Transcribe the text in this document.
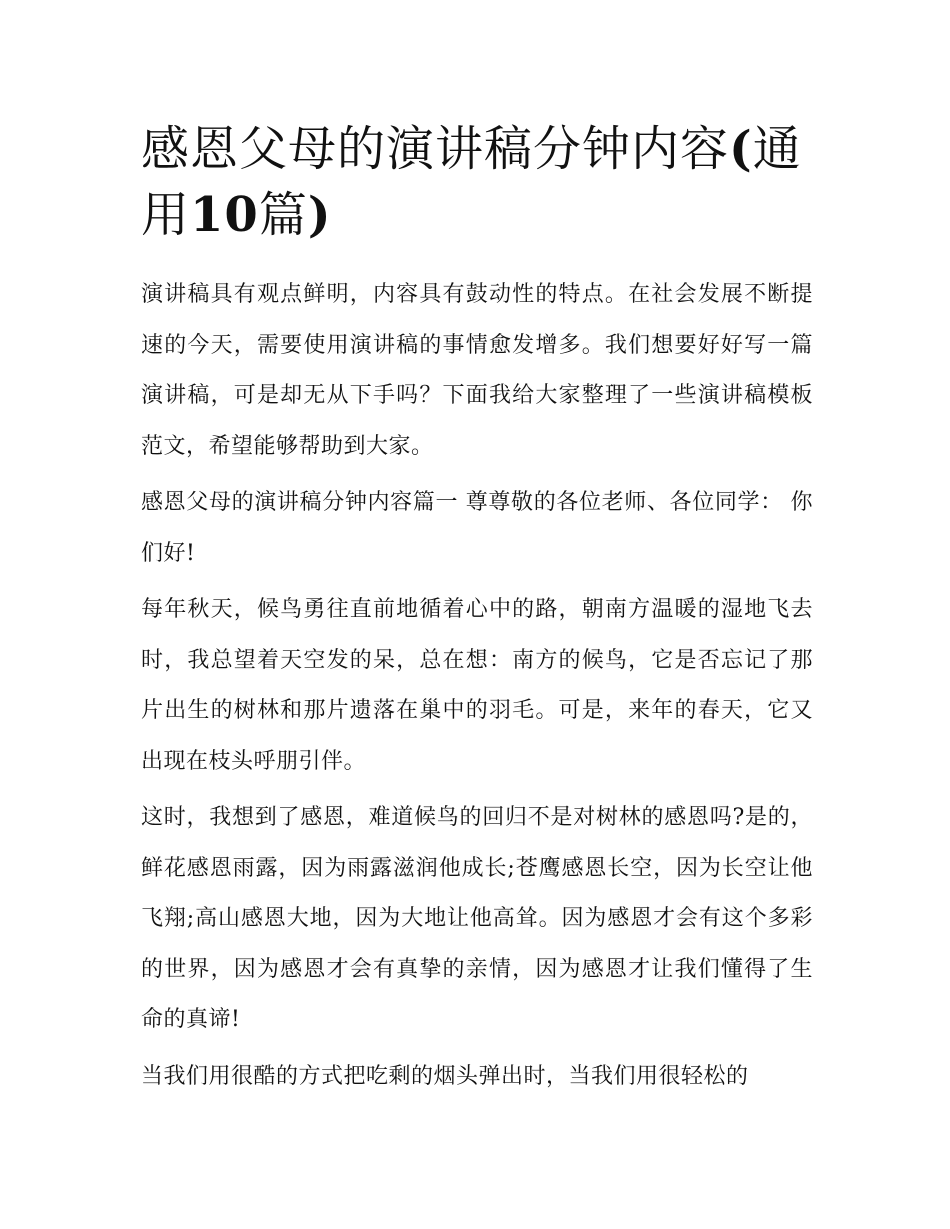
感恩父母的演讲稿分钟内容(通用10篇)

演讲稿具有观点鲜明，内容具有鼓动性的特点。在社会发展不断提速的今天，需要使用演讲稿的事情愈发增多。我们想要好好写一篇演讲稿，可是却无从下手吗？下面我给大家整理了一些演讲稿模板范文，希望能够帮助到大家。

感恩父母的演讲稿分钟内容篇一 尊尊敬的各位老师、各位同学： 你们好!

每年秋天，候鸟勇往直前地循着心中的路，朝南方温暖的湿地飞去时，我总望着天空发的呆，总在想：南方的候鸟，它是否忘记了那片出生的树林和那片遗落在巢中的羽毛。可是，来年的春天，它又出现在枝头呼朋引伴。

这时，我想到了感恩，难道候鸟的回归不是对树林的感恩吗?是的，鲜花感恩雨露，因为雨露滋润他成长;苍鹰感恩长空，因为长空让他飞翔;高山感恩大地，因为大地让他高耸。因为感恩才会有这个多彩的世界，因为感恩才会有真挚的亲情，因为感恩才让我们懂得了生命的真谛!

当我们用很酷的方式把吃剩的烟头弹出时，当我们用很轻松的
